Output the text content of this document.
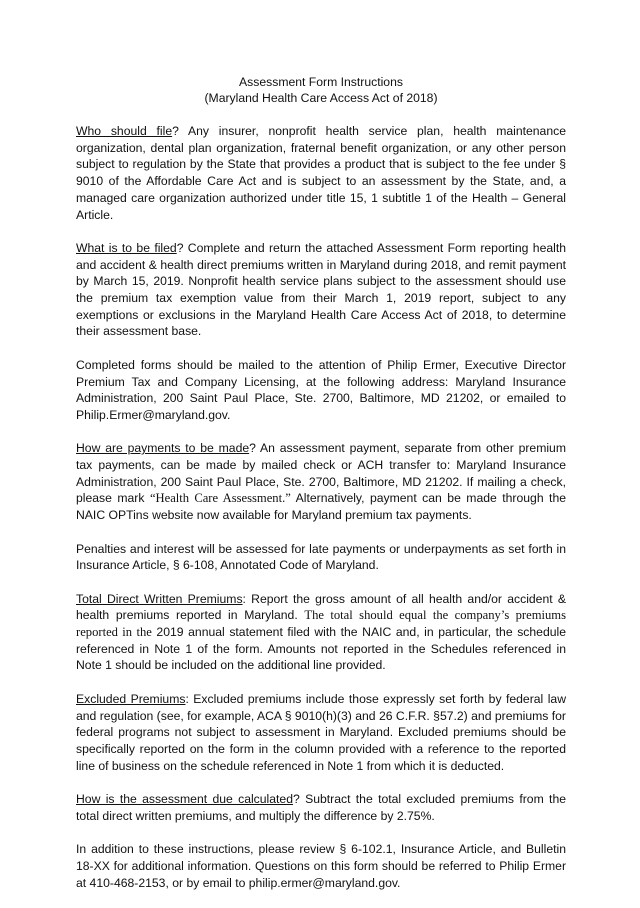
Assessment Form Instructions
(Maryland Health Care Access Act of 2018)

Who should file? Any insurer, nonprofit health service plan, health maintenance organization, dental plan organization, fraternal benefit organization, or any other person subject to regulation by the State that provides a product that is subject to the fee under § 9010 of the Affordable Care Act and is subject to an assessment by the State, and, a managed care organization authorized under title 15, 1 subtitle 1 of the Health – General Article.

What is to be filed? Complete and return the attached Assessment Form reporting health and accident & health direct premiums written in Maryland during 2018, and remit payment by March 15, 2019. Nonprofit health service plans subject to the assessment should use the premium tax exemption value from their March 1, 2019 report, subject to any exemptions or exclusions in the Maryland Health Care Access Act of 2018, to determine their assessment base.

Completed forms should be mailed to the attention of Philip Ermer, Executive Director Premium Tax and Company Licensing, at the following address: Maryland Insurance Administration, 200 Saint Paul Place, Ste. 2700, Baltimore, MD 21202, or emailed to Philip.Ermer@maryland.gov.

How are payments to be made? An assessment payment, separate from other premium tax payments, can be made by mailed check or ACH transfer to: Maryland Insurance Administration, 200 Saint Paul Place, Ste. 2700, Baltimore, MD 21202. If mailing a check, please mark “Health Care Assessment.” Alternatively, payment can be made through the NAIC OPTins website now available for Maryland premium tax payments.

Penalties and interest will be assessed for late payments or underpayments as set forth in Insurance Article, § 6-108, Annotated Code of Maryland.

Total Direct Written Premiums: Report the gross amount of all health and/or accident & health premiums reported in Maryland. The total should equal the company’s premiums reported in the 2019 annual statement filed with the NAIC and, in particular, the schedule referenced in Note 1 of the form. Amounts not reported in the Schedules referenced in Note 1 should be included on the additional line provided.

Excluded Premiums: Excluded premiums include those expressly set forth by federal law and regulation (see, for example, ACA § 9010(h)(3) and 26 C.F.R. §57.2) and premiums for federal programs not subject to assessment in Maryland. Excluded premiums should be specifically reported on the form in the column provided with a reference to the reported line of business on the schedule referenced in Note 1 from which it is deducted.

How is the assessment due calculated? Subtract the total excluded premiums from the total direct written premiums, and multiply the difference by 2.75%.

In addition to these instructions, please review § 6-102.1, Insurance Article, and Bulletin 18-XX for additional information. Questions on this form should be referred to Philip Ermer at 410-468-2153, or by email to philip.ermer@maryland.gov.
